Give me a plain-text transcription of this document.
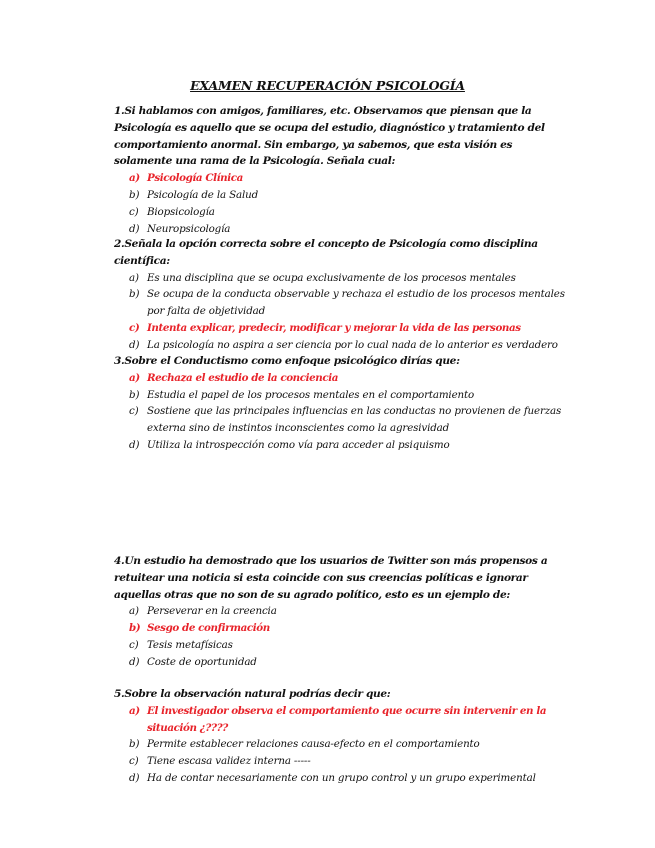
EXAMEN RECUPERACIÓN PSICOLOGÍA

1.Si hablamos con amigos, familiares, etc. Observamos que piensan que la Psicología es aquello que se ocupa del estudio, diagnóstico y tratamiento del comportamiento anormal. Sin embargo, ya sabemos, que esta visión es solamente una rama de la Psicología. Señala cual:

a) Psicología Clínica
b) Psicología de la Salud
c) Biopsicología
d) Neuropsicología

2.Señala la opción correcta sobre el concepto de Psicología como disciplina científica:

a) Es una disciplina que se ocupa exclusivamente de los procesos mentales
b) Se ocupa de la conducta observable y rechaza el estudio de los procesos mentales por falta de objetividad
c) Intenta explicar, predecir, modificar y mejorar la vida de las personas
d) La psicología no aspira a ser ciencia por lo cual nada de lo anterior es verdadero

3.Sobre el Conductismo como enfoque psicológico dirías que:

a) Rechaza el estudio de la conciencia
b) Estudia el papel de los procesos mentales en el comportamiento
c) Sostiene que las principales influencias en las conductas no provienen de fuerzas externa sino de instintos inconscientes como la agresividad
d) Utiliza la introspección como vía para acceder al psiquismo

4.Un estudio ha demostrado que los usuarios de Twitter son más propensos a retuitear una noticia si esta coincide con sus creencias políticas e ignorar aquellas otras que no son de su agrado político, esto es un ejemplo de:

a) Perseverar en la creencia
b) Sesgo de confirmación
c) Tesis metafísicas
d) Coste de oportunidad

5.Sobre la observación natural podrías decir que:

a) El investigador observa el comportamiento que ocurre sin intervenir en la situación ¿????
b) Permite establecer relaciones causa-efecto en el comportamiento
c) Tiene escasa validez interna -----
d) Ha de contar necesariamente con un grupo control y un grupo experimental
